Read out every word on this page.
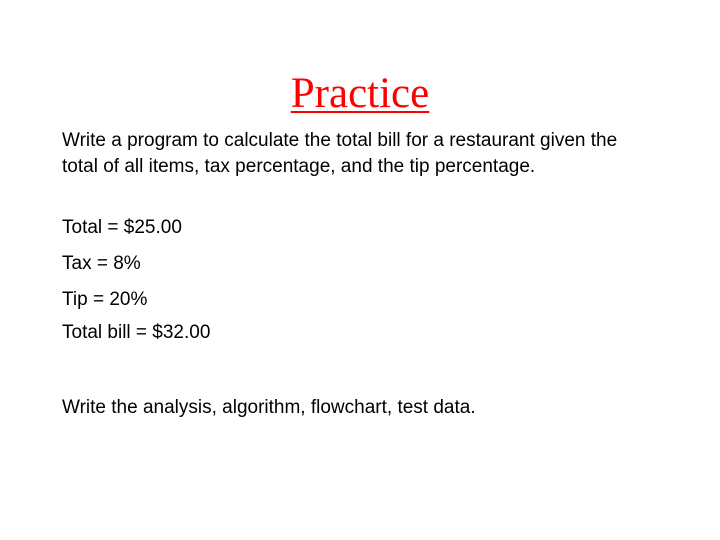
Practice

Write a program to calculate the total bill for a restaurant given the total of all items, tax percentage, and the tip percentage.

Total = $25.00

Tax = 8%

Tip = 20%

Total bill = $32.00

Write the analysis, algorithm, flowchart, test data.
